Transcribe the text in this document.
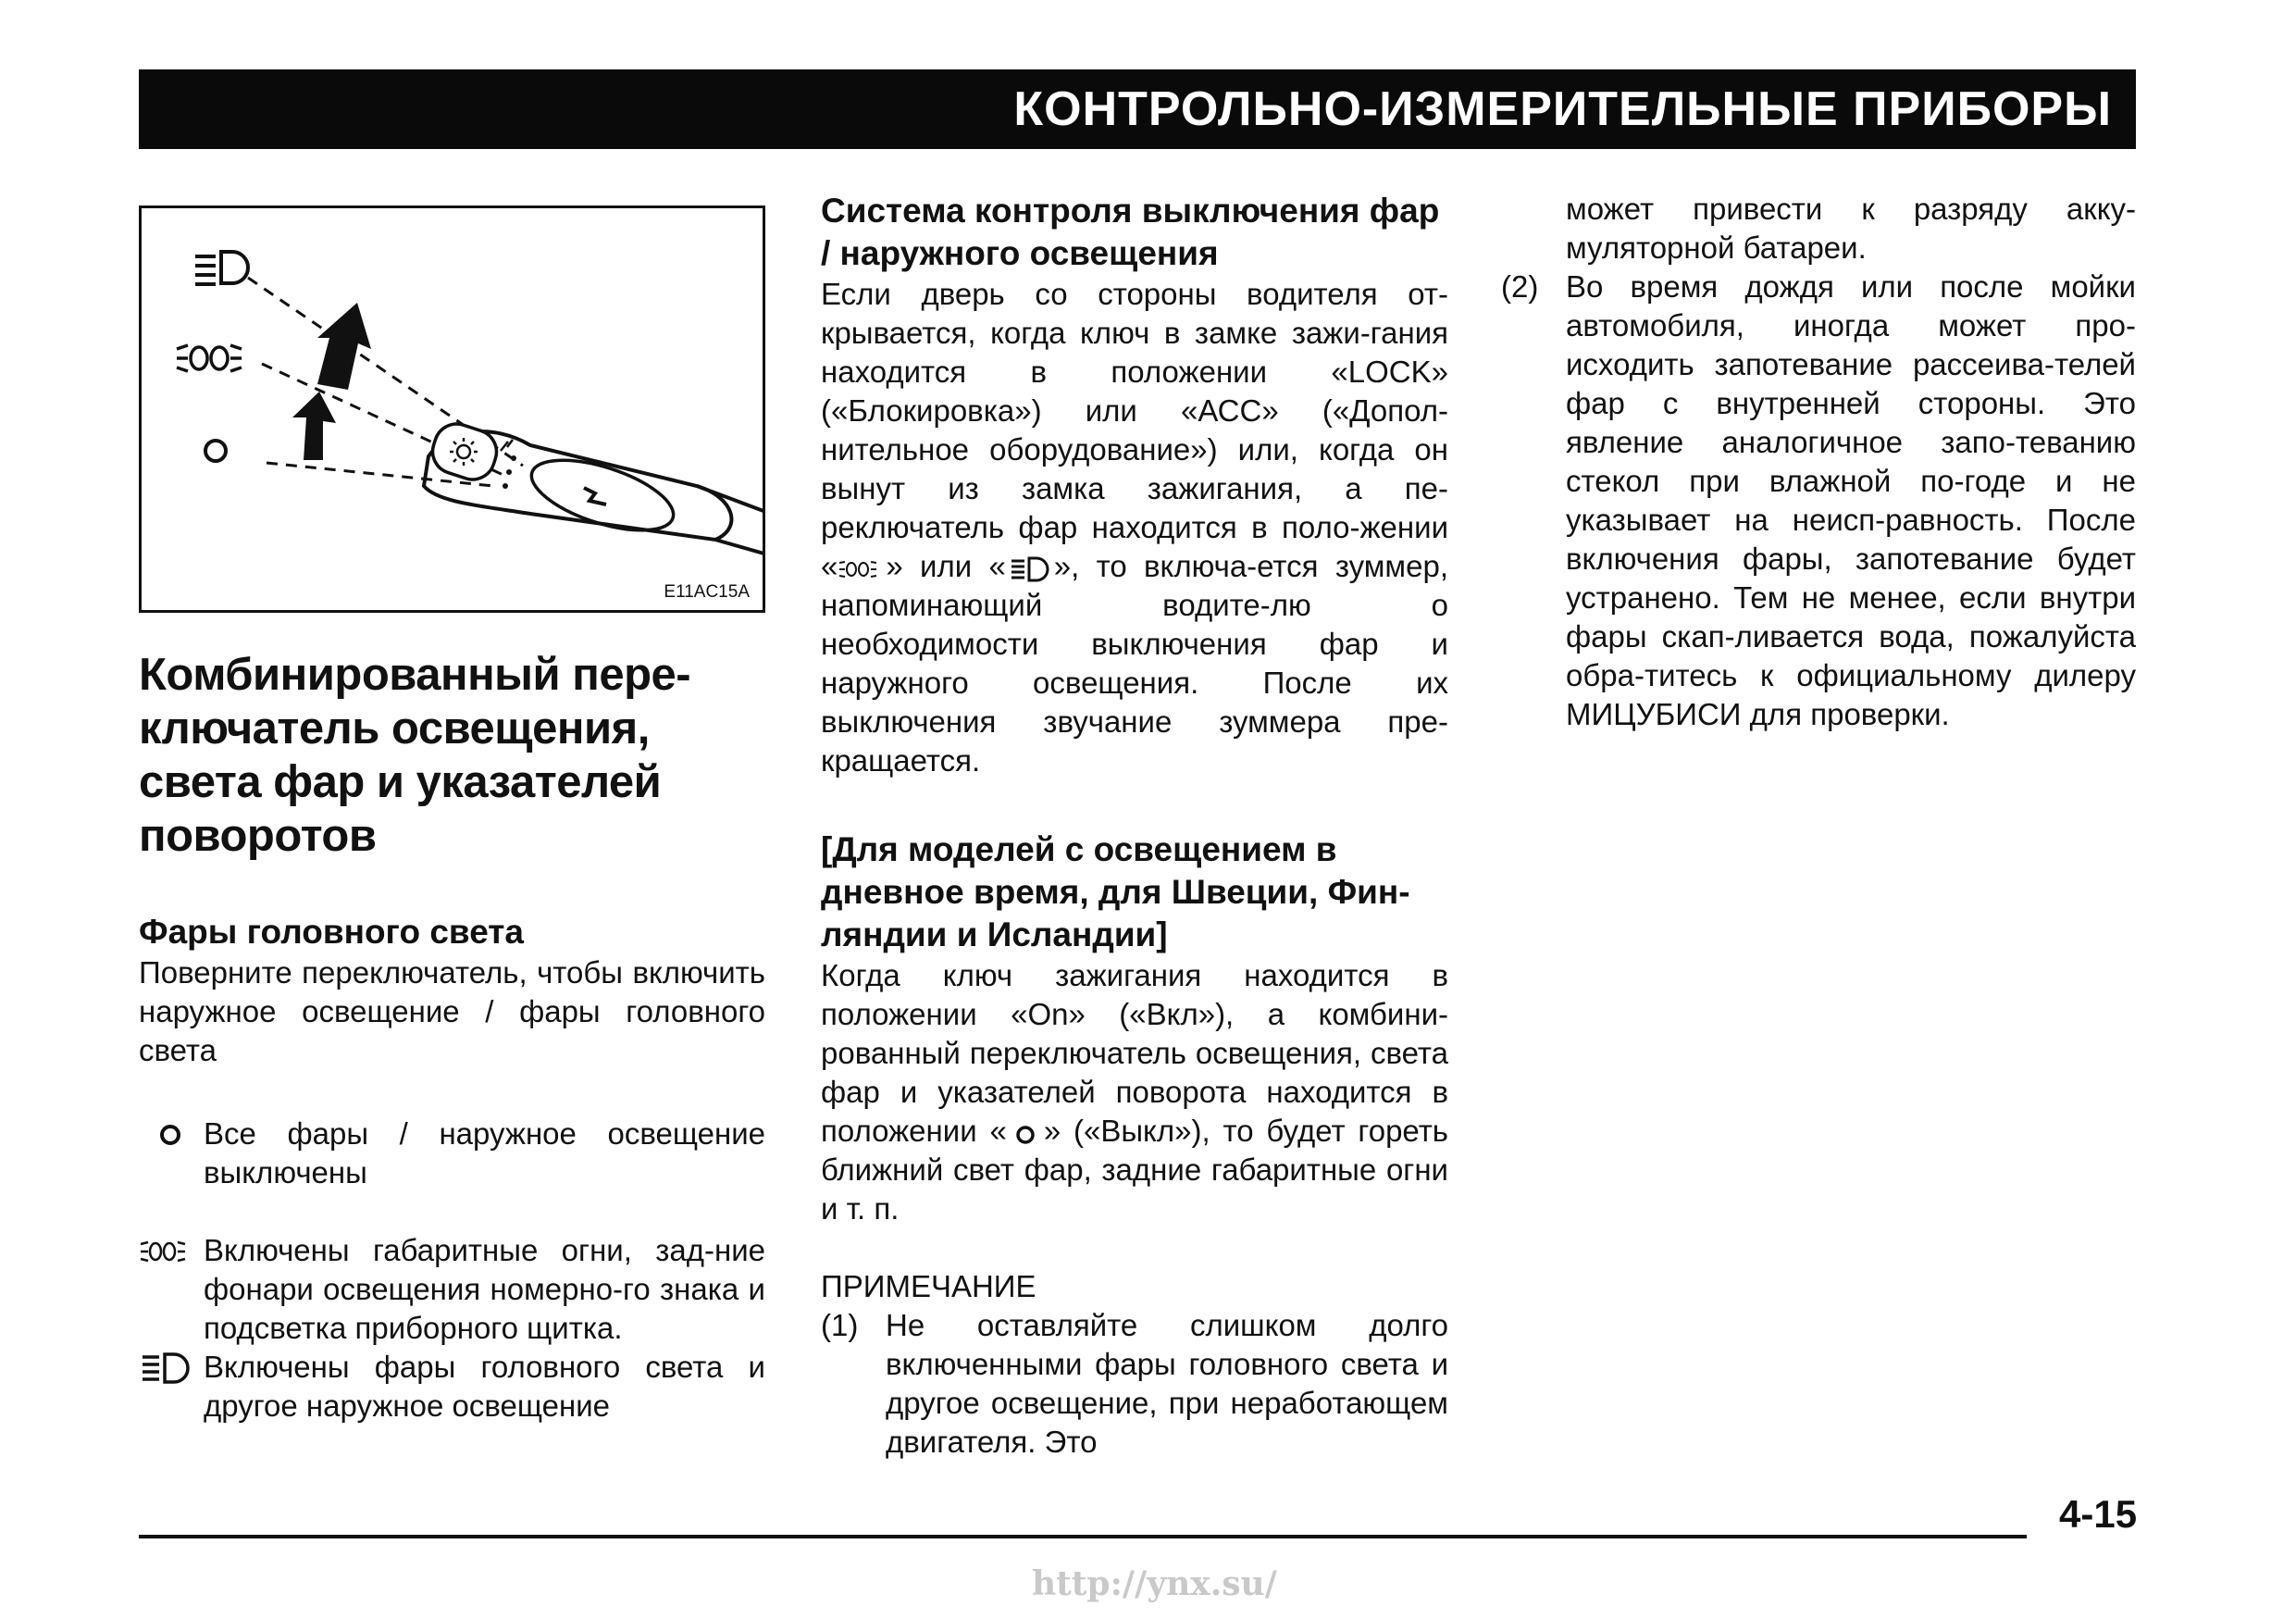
КОНТРОЛЬНО-ИЗМЕРИТЕЛЬНЫЕ ПРИБОРЫ
E11AC15A
Комбинированный пере-ключатель освещения, света фар и указателей поворотов
Фары головного света
Поверните переключатель, чтобы включить наружное освещение / фары головного света
Все фары / наружное освещение выключены
Включены габаритные огни, зад-ние фонари освещения номерно-го знака и подсветка приборного щитка.
Включены фары головного света и другое наружное освещение
Система контроля выключения фар / наружного освещения
Если дверь со стороны водителя от-крывается, когда ключ в замке зажи-гания находится в положении «LOCK» («Блокировка») или «АСС» («Допол-нительное оборудование») или, когда он вынут из замка зажигания, а пе-реключатель фар находится в поло-жении « » или « », то включа-ется зуммер, напоминающий водите-лю о необходимости выключения фар и наружного освещения. После их выключения звучание зуммера пре-кращается.
[Для моделей с освещением в дневное время, для Швеции, Фин-ляндии и Исландии]
Когда ключ зажигания находится в положении «On» («Вкл»), а комбини-рованный переключатель освещения, света фар и указателей поворота находится в положении « » («Выкл»), то будет гореть ближний свет фар, задние габаритные огни и т. п.
ПРИМЕЧАНИЕ
(1) Не оставляйте слишком долго включенными фары головного света и другое освещение, при неработающем двигателя. Это
может привести к разряду акку-муляторной батареи.
(2) Во время дождя или после мойки автомобиля, иногда может про-исходить запотевание рассеива-телей фар с внутренней стороны. Это явление аналогичное запо-теванию стекол при влажной по-годе и не указывает на неисп-равность. После включения фары, запотевание будет устранено. Тем не менее, если внутри фары скап-ливается вода, пожалуйста обра-титесь к официальному дилеру МИЦУБИСИ для проверки.
4-15
http://ynx.su/
